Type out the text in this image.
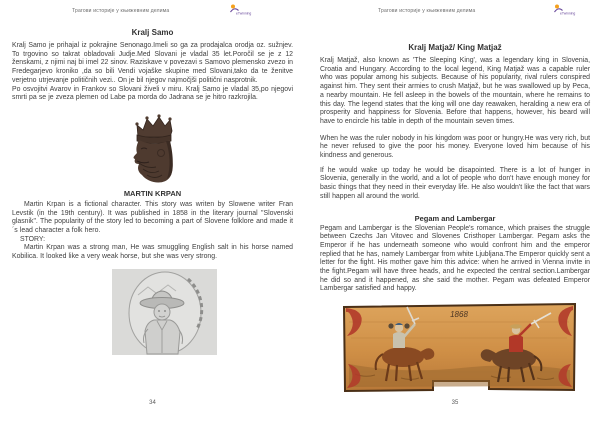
Трагови историје у књижевним делима	eTwinning
Kralj Samo

Kralj Samo je prihajal iz pokrajine Senonago.Imeli so ga za prodajalca orodja oz. sužnjev. To trgovino so takrat obladovali Judje.Med Slovani je vladal 35 let.Poročil se je z 12 ženskami, z njimi naj bi imel 22 sinov. Raziskave v povezavi s Samovo plemensko zvezo in Fredegarjevo kroniko ,da so bili Vendi vojaške skupine med Slovani,tako da te ženitve verjetno utrjevanje političnih vezi.. On je bil njegov najmočjši politični nasprotnik.

Po osvojitvi Avarov in Frankov so Slovani živeli v miru. Kralj Samo je vladal 35,po njegovi smrti pa se je zveza plemen od Labe pa morda do Jadrana se je hitro razkrojila.

MARTIN KRPAN

Martin Krpan is a fictional character. This story was writen by Slowene writer Fran Levstik (in the 19th century). It was published in 1858 in the literary journal "Slovenski glasnik". The popularity of the story led to becoming a part of Slovene folklore and made it´s lead character a folk hero.

STORY:

Martin Krpan was a strong man, He was smuggling English salt in his horse named Kobilica. It looked like a very weak horse, but she was very strong.

34
Трагови историје у књижевним делима	eTwinning
Kralj Matjaž/ King Matjaž

Kralj Matjaž, also known as 'The Sleeping King', was a legendary king in Slovenia, Croatia and Hungary. According to the local legend, King Matjaž was a capable ruler who was popular among his subjects. Because of his popularity, rival rulers conspired against him. They sent their armies to crush Matjaž, but he was swallowed up by Peca, a nearby mountain. He fell asleep in the bowels of the mountain, where he remains to this day. The legend states that the king will one day reawaken, heralding a new era of prosperity and happiness for Slovenia. Before that happens, however, his beard will have to encircle his table in depth of the mountain seven times.

When he was the ruler nobody in his kingdom was poor or hungry.He was very rich, but he never refused to give the poor his money. Everyone loved him because of his kindness and generous.

If he would wake up today he would be disapointed. There is a lot of hunger in Slovenia, generally in the world, and a lot of people who don't have enough money for basic things that they need in their everyday life. He also wouldn't like the fact that wars still happen all around the world.

Pegam and Lambergar

Pegam and Lambergar is the Slovenian People's romance, which praises the struggle between Czechs Jan Vitovec and Slovenes Cristhoper Lambergar. Pegam asks the Emperor if he has underneath someone who would confront him and the emperor replied that he has, namely Lambergar from white Ljubljana.The Emperor quickly sent a letter for the fight. His mother gave him this advice: when he arrived in Vienna invite in the fight.Pegam will have three heads, and he expected the central section.Lambergar he did so and it happened, as she said the mother. Pegam was defeated Emperor Lambergar satisfied and happy.

1868
35
